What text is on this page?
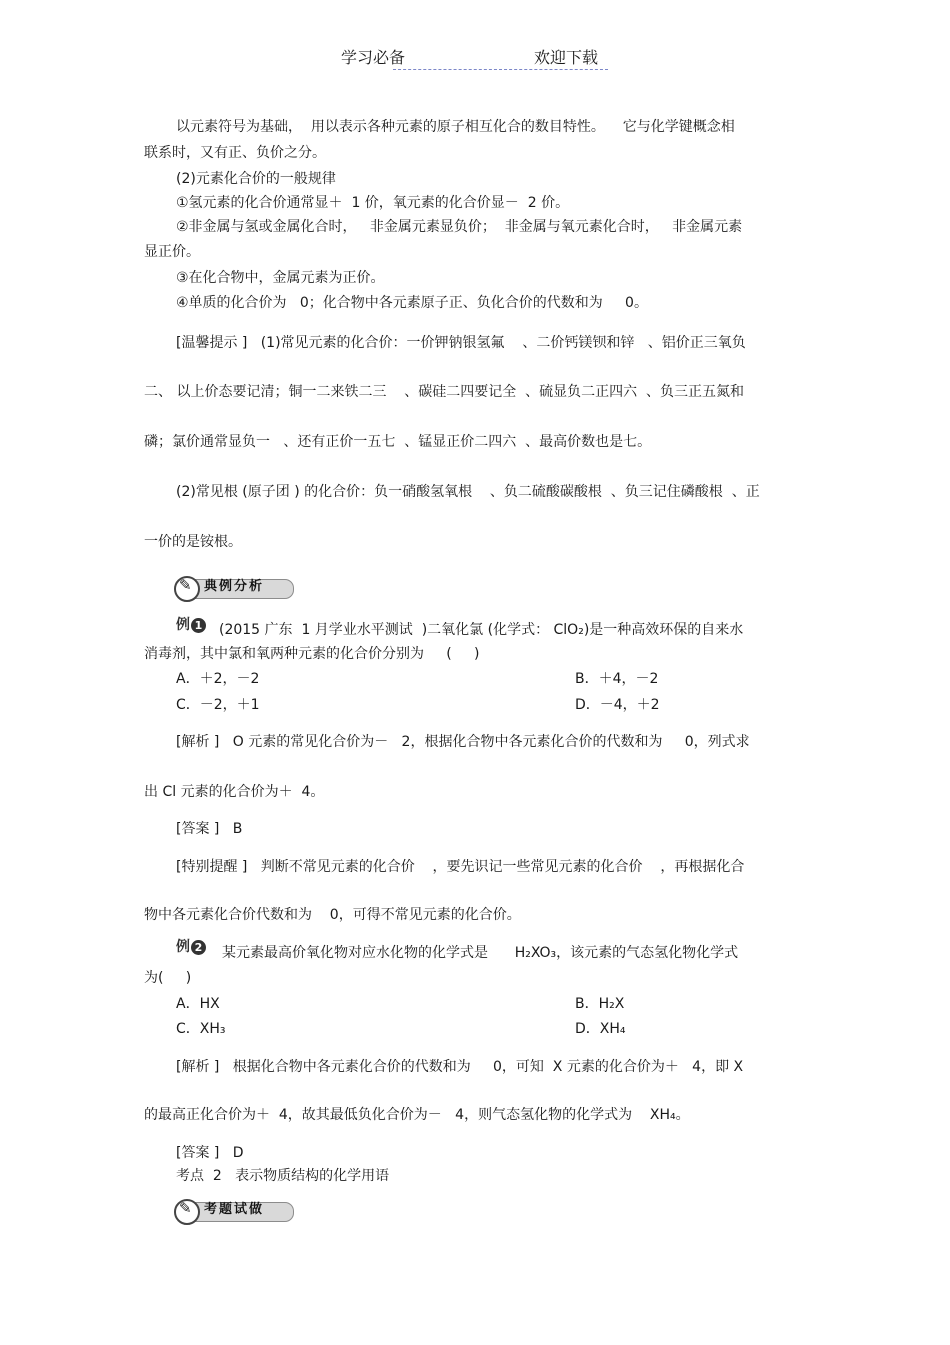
学习必备	欢迎下载
以元素符号为基础，  用以表示各种元素的原子相互化合的数目特性。    它与化学键概念相
联系时，又有正、负价之分。
(2)元素化合价的一般规律
①氢元素的化合价通常显＋  1 价，氧元素的化合价显－  2 价。
②非金属与氢或金属化合时，   非金属元素显负价；  非金属与氧元素化合时，   非金属元素
显正价。
③在化合物中，金属元素为正价。
④单质的化合价为   0；化合物中各元素原子正、负化合价的代数和为     0。
[温馨提示 ]   (1)常见元素的化合价：一价钾钠银氢氟    、二价钙镁钡和锌   、铝价正三氧负
二、 以上价态要记清；铜一二来铁二三    、碳硅二四要记全  、硫显负二正四六  、负三正五氮和
磷；氯价通常显负一   、还有正价一五七  、锰显正价二四六  、最高价数也是七。
(2)常见根 (原子团 ) 的化合价：负一硝酸氢氧根    、负二硫酸碳酸根  、负三记住磷酸根  、正
一价的是铵根。
✎ 典例分析
例 1 (2015 广东  1 月学业水平测试  )二氧化氯 (化学式： ClO₂)是一种高效环保的自来水
消毒剂，其中氯和氧两种元素的化合价分别为     (     )
A．＋2，－2	B．＋4，－2
C．－2，＋1	D．－4，＋2
[解析 ]   O 元素的常见化合价为－   2，根据化合物中各元素化合价的代数和为     0，列式求
出 Cl 元素的化合价为＋  4。
[答案 ]   B
[特别提醒 ]   判断不常见元素的化合价    ，要先识记一些常见元素的化合价    ，再根据化合
物中各元素化合价代数和为    0，可得不常见元素的化合价。
例 2 某元素最高价氧化物对应水化物的化学式是      H₂XO₃，该元素的气态氢化物化学式
为(     )
A．HX	B．H₂X
C．XH₃	D．XH₄
[解析 ]   根据化合物中各元素化合价的代数和为     0，可知  X 元素的化合价为＋   4，即 X
的最高正化合价为＋  4，故其最低负化合价为－   4，则气态氢化物的化学式为    XH₄。
[答案 ]   D
考点  2   表示物质结构的化学用语
✎ 考题试做
